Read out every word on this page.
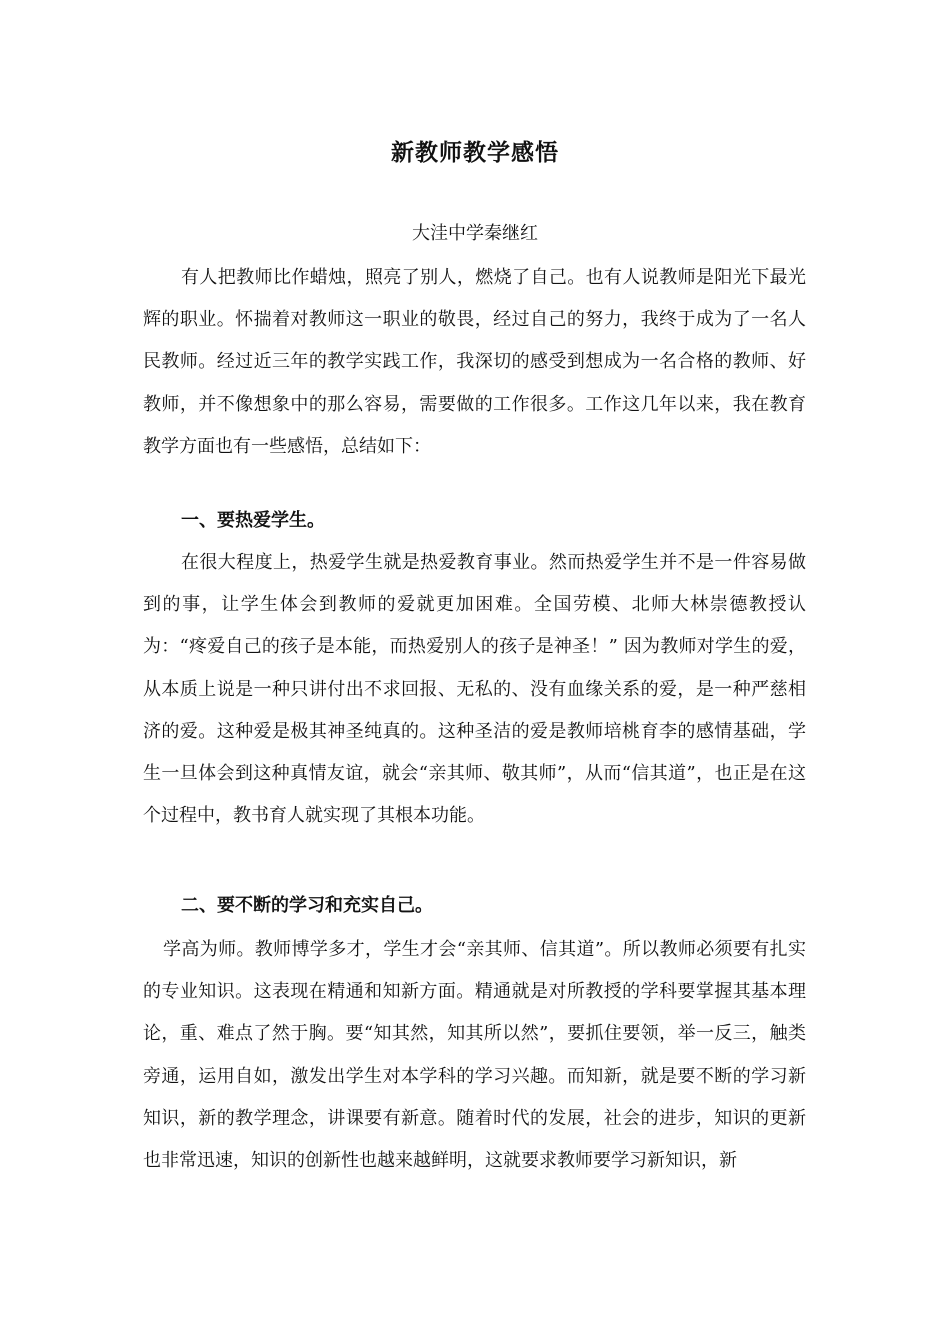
新教师教学感悟

大洼中学秦继红

有人把教师比作蜡烛，照亮了别人，燃烧了自己。也有人说教师是阳光下最光辉的职业。怀揣着对教师这一职业的敬畏，经过自己的努力，我终于成为了一名人民教师。经过近三年的教学实践工作，我深切的感受到想成为一名合格的教师、好教师，并不像想象中的那么容易，需要做的工作很多。工作这几年以来，我在教育教学方面也有一些感悟，总结如下：

一、要热爱学生。

在很大程度上，热爱学生就是热爱教育事业。然而热爱学生并不是一件容易做到的事，让学生体会到教师的爱就更加困难。全国劳模、北师大林崇德教授认为：“疼爱自己的孩子是本能，而热爱别人的孩子是神圣！” 因为教师对学生的爱，从本质上说是一种只讲付出不求回报、无私的、没有血缘关系的爱，是一种严慈相济的爱。这种爱是极其神圣纯真的。这种圣洁的爱是教师培桃育李的感情基础，学生一旦体会到这种真情友谊，就会“亲其师、敬其师”，从而“信其道”，也正是在这个过程中，教书育人就实现了其根本功能。

二、要不断的学习和充实自己。

学高为师。教师博学多才，学生才会“亲其师、信其道”。所以教师必须要有扎实的专业知识。这表现在精通和知新方面。精通就是对所教授的学科要掌握其基本理论，重、难点了然于胸。要“知其然，知其所以然”，要抓住要领，举一反三，触类旁通，运用自如，激发出学生对本学科的学习兴趣。而知新，就是要不断的学习新知识，新的教学理念，讲课要有新意。随着时代的发展，社会的进步，知识的更新也非常迅速，知识的创新性也越来越鲜明，这就要求教师要学习新知识，新
